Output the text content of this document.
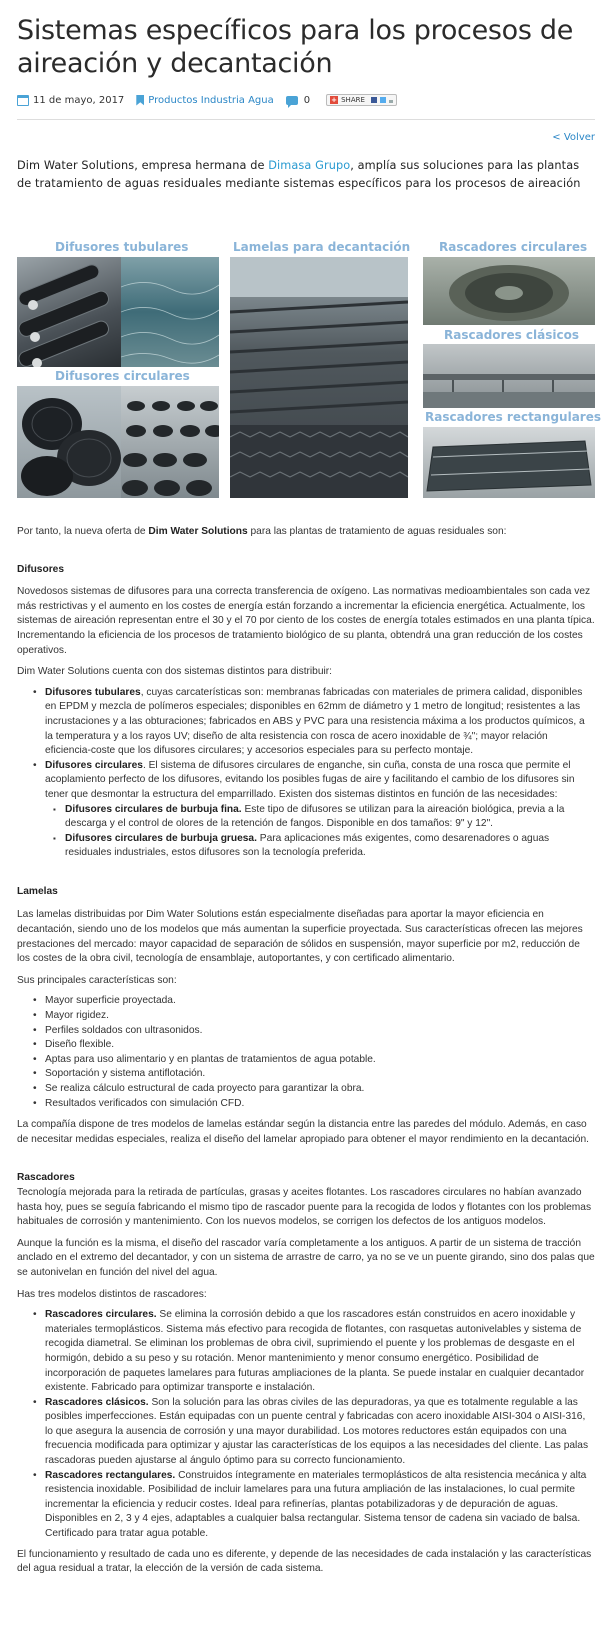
Sistemas específicos para los procesos de aireación y decantación
11 de mayo, 2017 Productos Industria Agua	0	+ SHARE
< Volver

Dim Water Solutions, empresa hermana de Dimasa Grupo, amplía sus soluciones para las plantas de tratamiento de aguas residuales mediante sistemas específicos para los procesos de aireación

Difusores tubulares
Difusores circulares
Lamelas para decantación Rascadores circulares
Rascadores clásicos
Rascadores rectangulares

Por tanto, la nueva oferta de Dim Water Solutions para las plantas de tratamiento de aguas residuales son:

Difusores

Novedosos sistemas de difusores para una correcta transferencia de oxígeno. Las normativas medioambientales son cada vez más restrictivas y el aumento en los costes de energía están forzando a incrementar la eficiencia energética. Actualmente, los sistemas de aireación representan entre el 30 y el 70 por ciento de los costes de energía totales estimados en una planta típica. Incrementando la eficiencia de los procesos de tratamiento biológico de su planta, obtendrá una gran reducción de los costes operativos.

Dim Water Solutions cuenta con dos sistemas distintos para distribuir:

• Difusores tubulares, cuyas carcaterísticas son: membranas fabricadas con materiales de primera calidad, disponibles en EPDM y mezcla de polímeros especiales; disponibles en 62mm de diámetro y 1 metro de longitud; resistentes a las incrustaciones y a las obturaciones; fabricados en ABS y PVC para una resistencia máxima a los productos químicos, a la temperatura y a los rayos UV; diseño de alta resistencia con rosca de acero inoxidable de ¾"; mayor relación eficiencia-coste que los difusores circulares; y accesorios especiales para su perfecto montaje.
• Difusores circulares. El sistema de difusores circulares de enganche, sin cuña, consta de una rosca que permite el acoplamiento perfecto de los difusores, evitando los posibles fugas de aire y facilitando el cambio de los difusores sin tener que desmontar la estructura del emparrillado. Existen dos sistemas distintos en función de las necesidades:
▪ Difusores circulares de burbuja fina. Este tipo de difusores se utilizan para la aireación biológica, previa a la descarga y el control de olores de la retención de fangos. Disponible en dos tamaños: 9" y 12".
▪ Difusores circulares de burbuja gruesa. Para aplicaciones más exigentes, como desarenadores o aguas residuales industriales, estos difusores son la tecnología preferida.
Lamelas

Las lamelas distribuidas por Dim Water Solutions están especialmente diseñadas para aportar la mayor eficiencia en decantación, siendo uno de los modelos que más aumentan la superficie proyectada. Sus características ofrecen las mejores prestaciones del mercado: mayor capacidad de separación de sólidos en suspensión, mayor superficie por m2, reducción de los costes de la obra civil, tecnología de ensamblaje, autoportantes, y con certificado alimentario.

Sus principales características son:

• Mayor superficie proyectada.
• Mayor rigidez.
• Perfiles soldados con ultrasonidos.
• Diseño flexible.
• Aptas para uso alimentario y en plantas de tratamientos de agua potable.
• Soportación y sistema antiflotación.
• Se realiza cálculo estructural de cada proyecto para garantizar la obra.
• Resultados verificados con simulación CFD.

La compañía dispone de tres modelos de lamelas estándar según la distancia entre las paredes del módulo. Además, en caso de necesitar medidas especiales, realiza el diseño del lamelar apropiado para obtener el mayor rendimiento en la decantación.

Rascadores

Tecnología mejorada para la retirada de partículas, grasas y aceites flotantes. Los rascadores circulares no habían avanzado hasta hoy, pues se seguía fabricando el mismo tipo de rascador puente para la recogida de lodos y flotantes con los problemas habituales de corrosión y mantenimiento. Con los nuevos modelos, se corrigen los defectos de los antiguos modelos.

Aunque la función es la misma, el diseño del rascador varía completamente a los antiguos. A partir de un sistema de tracción anclado en el extremo del decantador, y con un sistema de arrastre de carro, ya no se ve un puente girando, sino dos palas que se autonivelan en función del nivel del agua.

Has tres modelos distintos de rascadores:

• Rascadores circulares. Se elimina la corrosión debido a que los rascadores están construidos en acero inoxidable y materiales termoplásticos. Sistema más efectivo para recogida de flotantes, con rasquetas autonivelables y sistema de recogida diametral. Se eliminan los problemas de obra civil, suprimiendo el puente y los problemas de desgaste en el hormigón, debido a su peso y su rotación. Menor mantenimiento y menor consumo energético. Posibilidad de incorporación de paquetes lamelares para futuras ampliaciones de la planta. Se puede instalar en cualquier decantador existente. Fabricado para optimizar transporte e instalación.
• Rascadores clásicos. Son la solución para las obras civiles de las depuradoras, ya que es totalmente regulable a las posibles imperfecciones. Están equipadas con un puente central y fabricadas con acero inoxidable AISI-304 o AISI-316, lo que asegura la ausencia de corrosión y una mayor durabilidad. Los motores reductores están equipados con una frecuencia modificada para optimizar y ajustar las características de los equipos a las necesidades del cliente. Las palas rascadoras pueden ajustarse al ángulo óptimo para su correcto funcionamiento.
• Rascadores rectangulares. Construidos íntegramente en materiales termoplásticos de alta resistencia mecánica y alta resistencia inoxidable. Posibilidad de incluir lamelares para una futura ampliación de las instalaciones, lo cual permite incrementar la eficiencia y reducir costes. Ideal para refinerías, plantas potabilizadoras y de depuración de aguas. Disponibles en 2, 3 y 4 ejes, adaptables a cualquier balsa rectangular. Sistema tensor de cadena sin vaciado de balsa. Certificado para tratar agua potable.

El funcionamiento y resultado de cada uno es diferente, y depende de las necesidades de cada instalación y las características del agua residual a tratar, la elección de la versión de cada sistema.
